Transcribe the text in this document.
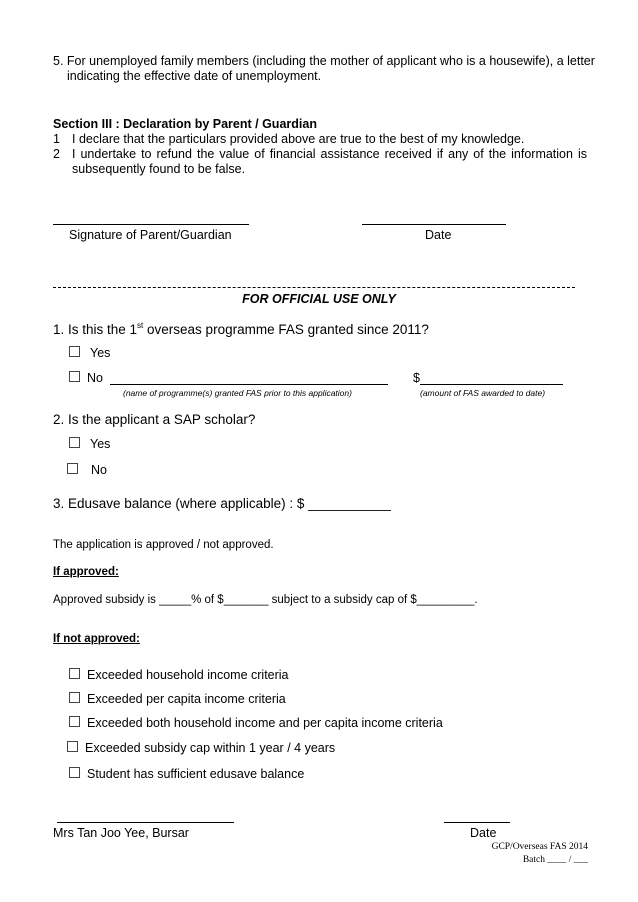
5. For unemployed family members (including the mother of applicant who is a housewife), a letter
indicating the effective date of unemployment.
Section III : Declaration by Parent / Guardian
1 I declare that the particulars provided above are true to the best of my knowledge.
2 I undertake to refund the value of financial assistance received if any of the information is
subsequently found to be false.
Signature of Parent/Guardian	Date
FOR OFFICIAL USE ONLY
1. Is this the 1st overseas programme FAS granted since 2011?
Yes
No	$
(name of programme(s) granted FAS prior to this application)	(amount of FAS awarded to date)
2. Is the applicant a SAP scholar?
Yes
No
3. Edusave balance (where applicable) : $ ___________
The application is approved / not approved.
If approved:
Approved subsidy is _____% of $_______ subject to a subsidy cap of $_________.
If not approved:
Exceeded household income criteria
Exceeded per capita income criteria
Exceeded both household income and per capita income criteria
Exceeded subsidy cap within 1 year / 4 years
Student has sufficient edusave balance
Mrs Tan Joo Yee, Bursar	Date
GCP/Overseas FAS 2014
Batch ____ / ___
